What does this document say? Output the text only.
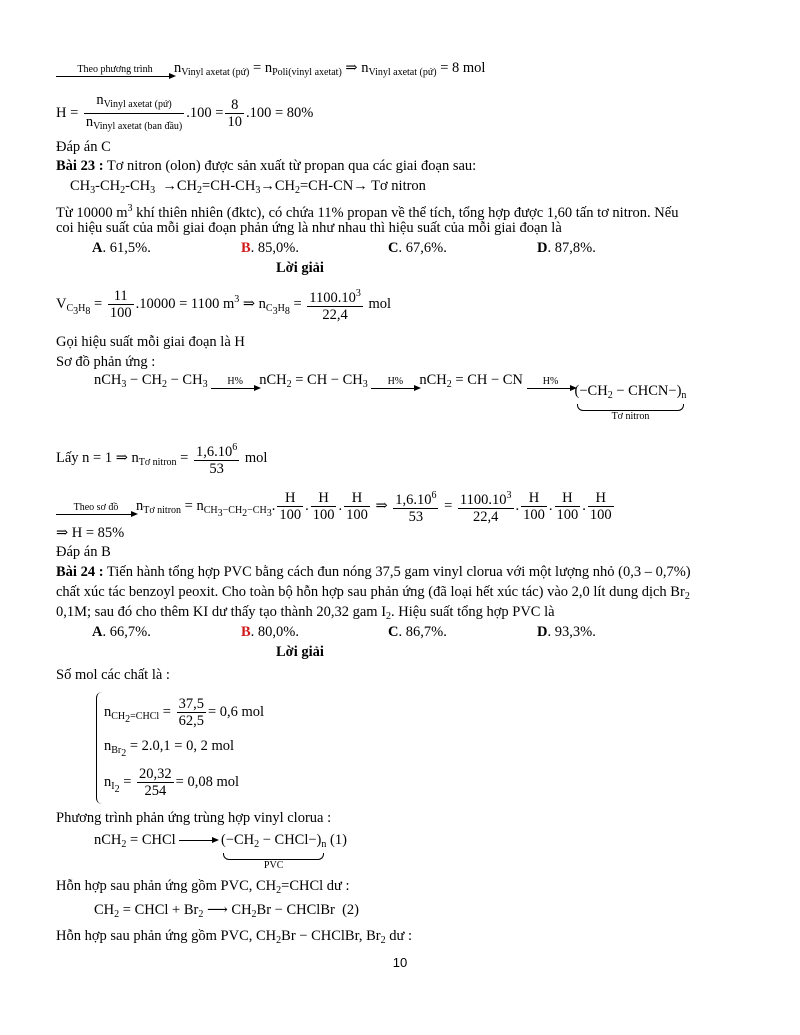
Theo phương trình	$n_{Vinyl axetat (pứ)} = n_{Poli(vinyl axetat)}$ ⇒ $n_{Vinyl axetat (pứ)} = 8$ mol
$H = \frac{n_{Vinyl axetat (pứ)}}{n_{Vinyl axetat (ban đầu)}} .100 = \frac{8}{10} .100 = 80\%$
Đáp án C
Bài 23 : Tơ nitron (olon) được sản xuất từ propan qua các giai đoạn sau:
$CH_3-CH_2-CH_3 \to CH_2=CH-CH_3\to CH_2=CH-CN\to$ Tơ nitron
Từ 10000 $m^3$ khí thiên nhiên (đktc), có chứa 11% propan về thể tích, tổng hợp được 1,60 tấn tơ nitron. Nếu
coi hiệu suất của mỗi giai đoạn phản ứng là như nhau thì hiệu suất của mỗi giai đoạn là
A. 61,5%.	B. 85,0%.	C. 67,6%.	D. 87,8%.
Lời giải
$V_{C_3H_8} = \frac{11}{100} .10000 = 1100$ $m^3$ ⇒ $n_{C_3H_8} = \frac{1100.10^3}{22,4}$ mol
Gọi hiệu suất mỗi giai đoạn là H
Sơ đồ phản ứng :
$nCH_3 - CH_2 - CH_3$	H%	nCH$_2$ = CH − $CH_3$	H%	nCH$_2$ = CH − CN	H%
($-CH_2$ − $CHCN-)_n$
Tơ nitron
Lấy n = 1 ⇒ $n_{Tơ nitron} = \frac{1,6.10^6}{53}$ mol
Theo sơ đồ	$n_{Tơ nitron} = n_{CH_3-CH_2-CH_3}$. $\frac{H}{100}$ . $\frac{H}{100}$ . $\frac{H}{100}$ ⇒ $\frac{1,6.10^6}{53} = \frac{1100.10^3}{22,4}$ . $\frac{H}{100}$ . $\frac{H}{100}$ . $\frac{H}{100}$
⇒ H = 85%
Đáp án B
Bài 24 : Tiến hành tổng hợp PVC bằng cách đun nóng 37,5 gam vinyl clorua với một lượng nhỏ (0,3 – 0,7%)
chất xúc tác benzoyl peoxit. Cho toàn bộ hỗn hợp sau phản ứng (đã loại hết xúc tác) vào 2,0 lít dung dịch $Br_2$
0,1M; sau đó cho thêm KI dư thấy tạo thành 20,32 gam $I_2$. Hiệu suất tổng hợp PVC là
A. 66,7%.	B. 80,0%.	C. 86,7%.	D. 93,3%.
Lời giải
Số mol các chất là :
$n_{CH_2=CHCl} = \frac{37,5}{62,5} = 0,6$ mol
$n_{Br_2} = 2.0,1 = 0$, 2 mol
$n_{I_2} = \frac{20,32}{254} = 0,08$ mol
Phương trình phản ứng trùng hợp vinyl clorua :
nCH$_2$ = CHCl
	($-CH_2$ − $CHCl-)_n$
PVC
(1)
Hỗn hợp sau phản ứng gồm PVC, $CH_2=CHCl$ dư :
$CH_2$ = CHCl + $Br_2$ ⟶ $CH_2Br$ − CHClBr  (2)
Hỗn hợp sau phản ứng gồm PVC, $CH_2Br$ − CHClBr, $Br_2$ dư :
10
